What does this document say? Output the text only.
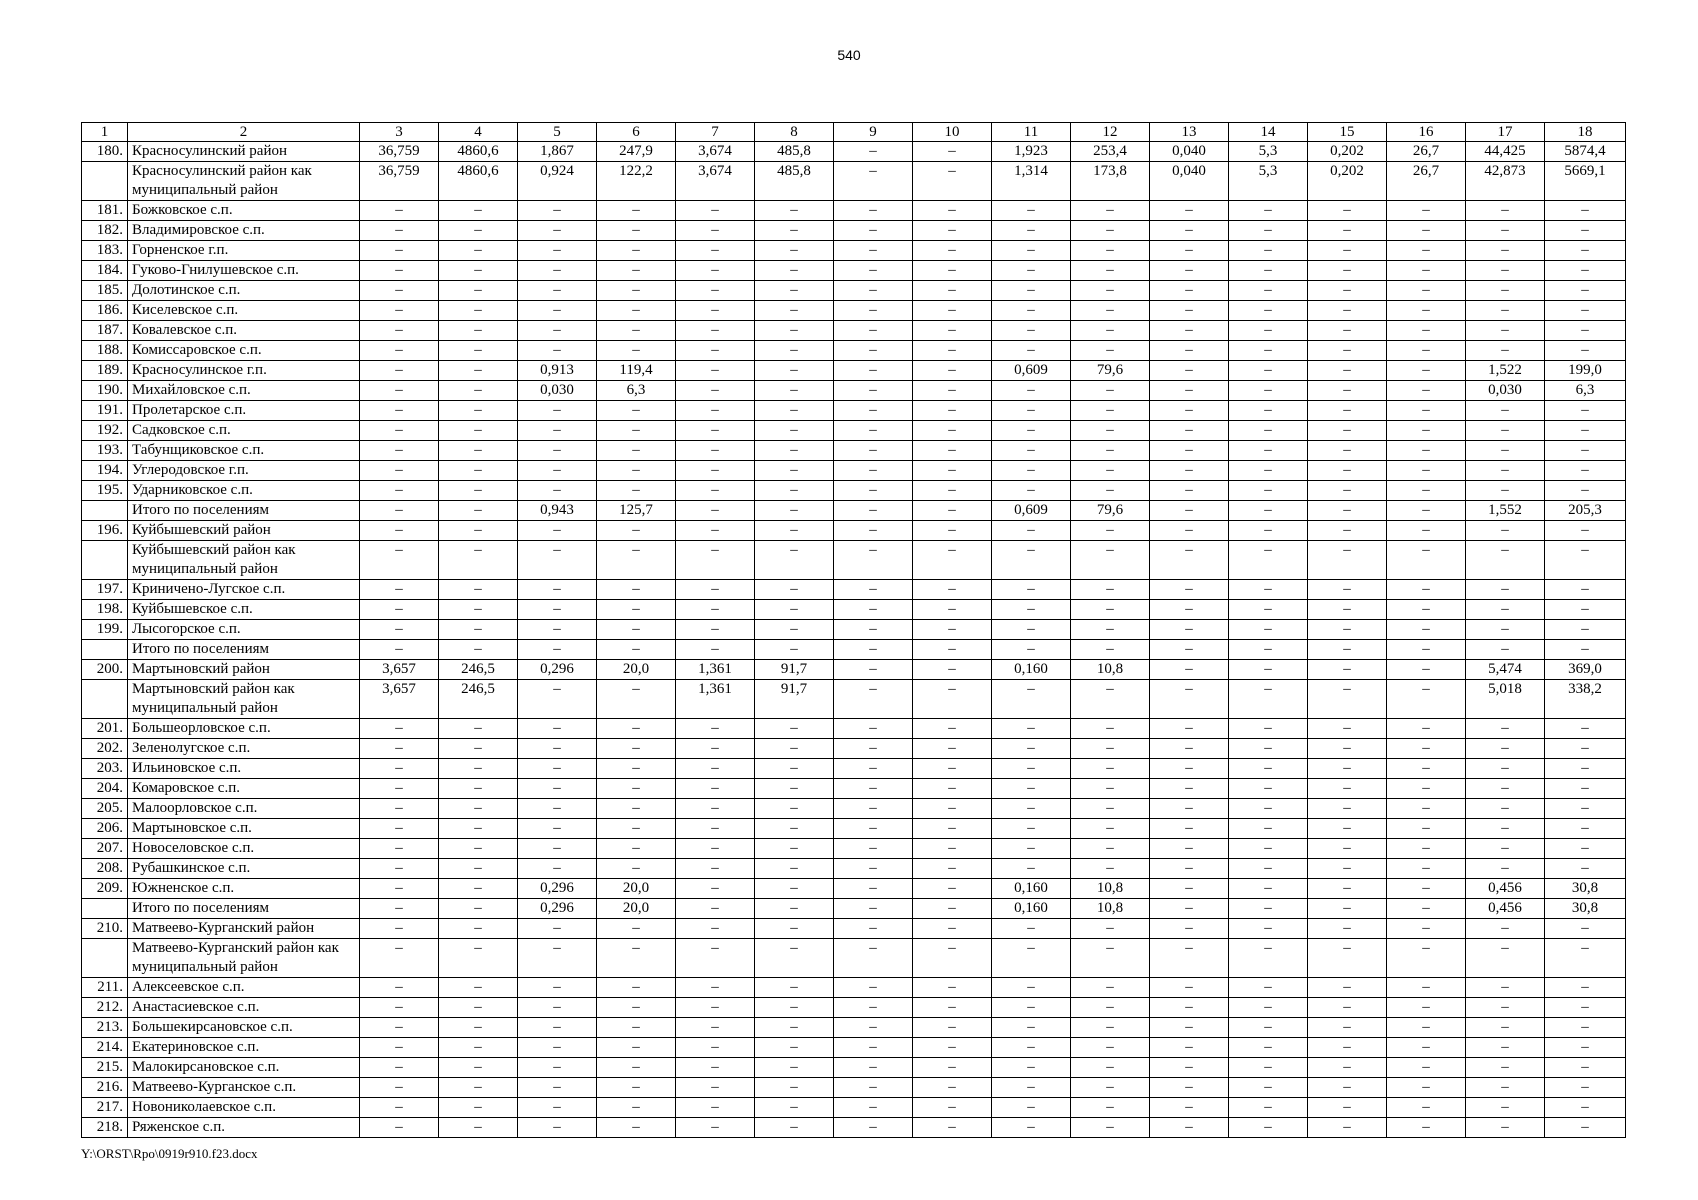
540
1	2	3	4	5	6	7	8	9	10	11	12	13	14	15	16	17	18
180.	Красносулинский район	36,759	4860,6	1,867	247,9	3,674	485,8	–	–	1,923	253,4	0,040	5,3	0,202	26,7	44,425	5874,4
	Красносулинский район как муниципальный район	36,759	4860,6	0,924	122,2	3,674	485,8	–	–	1,314	173,8	0,040	5,3	0,202	26,7	42,873	5669,1
181.	Божковское с.п.	–	–	–	–	–	–	–	–	–	–	–	–	–	–	–	–
182.	Владимировское с.п.	–	–	–	–	–	–	–	–	–	–	–	–	–	–	–	–
183.	Горненское г.п.	–	–	–	–	–	–	–	–	–	–	–	–	–	–	–	–
184.	Гуково-Гнилушевское с.п.	–	–	–	–	–	–	–	–	–	–	–	–	–	–	–	–
185.	Долотинское с.п.	–	–	–	–	–	–	–	–	–	–	–	–	–	–	–	–
186.	Киселевское с.п.	–	–	–	–	–	–	–	–	–	–	–	–	–	–	–	–
187.	Ковалевское с.п.	–	–	–	–	–	–	–	–	–	–	–	–	–	–	–	–
188.	Комиссаровское с.п.	–	–	–	–	–	–	–	–	–	–	–	–	–	–	–	–
189.	Красносулинское г.п.	–	–	0,913	119,4	–	–	–	–	0,609	79,6	–	–	–	–	1,522	199,0
190.	Михайловское с.п.	–	–	0,030	6,3	–	–	–	–	–	–	–	–	–	–	0,030	6,3
191.	Пролетарское с.п.	–	–	–	–	–	–	–	–	–	–	–	–	–	–	–	–
192.	Садковское с.п.	–	–	–	–	–	–	–	–	–	–	–	–	–	–	–	–
193.	Табунщиковское с.п.	–	–	–	–	–	–	–	–	–	–	–	–	–	–	–	–
194.	Углеродовское г.п.	–	–	–	–	–	–	–	–	–	–	–	–	–	–	–	–
195.	Ударниковское с.п.	–	–	–	–	–	–	–	–	–	–	–	–	–	–	–	–
	Итого по поселениям	–	–	0,943	125,7	–	–	–	–	0,609	79,6	–	–	–	–	1,552	205,3
196.	Куйбышевский район	–	–	–	–	–	–	–	–	–	–	–	–	–	–	–	–
	Куйбышевский район как муниципальный район	–	–	–	–	–	–	–	–	–	–	–	–	–	–	–	–
197.	Криничено-Лугское с.п.	–	–	–	–	–	–	–	–	–	–	–	–	–	–	–	–
198.	Куйбышевское с.п.	–	–	–	–	–	–	–	–	–	–	–	–	–	–	–	–
199.	Лысогорское с.п.	–	–	–	–	–	–	–	–	–	–	–	–	–	–	–	–
	Итого по поселениям	–	–	–	–	–	–	–	–	–	–	–	–	–	–	–	–
200.	Мартыновский район	3,657	246,5	0,296	20,0	1,361	91,7	–	–	0,160	10,8	–	–	–	–	5,474	369,0
	Мартыновский район как муниципальный район	3,657	246,5	–	–	1,361	91,7	–	–	–	–	–	–	–	–	5,018	338,2
201.	Большеорловское с.п.	–	–	–	–	–	–	–	–	–	–	–	–	–	–	–	–
202.	Зеленолугское с.п.	–	–	–	–	–	–	–	–	–	–	–	–	–	–	–	–
203.	Ильиновское с.п.	–	–	–	–	–	–	–	–	–	–	–	–	–	–	–	–
204.	Комаровское с.п.	–	–	–	–	–	–	–	–	–	–	–	–	–	–	–	–
205.	Малоорловское с.п.	–	–	–	–	–	–	–	–	–	–	–	–	–	–	–	–
206.	Мартыновское с.п.	–	–	–	–	–	–	–	–	–	–	–	–	–	–	–	–
207.	Новоселовское с.п.	–	–	–	–	–	–	–	–	–	–	–	–	–	–	–	–
208.	Рубашкинское с.п.	–	–	–	–	–	–	–	–	–	–	–	–	–	–	–	–
209.	Южненское с.п.	–	–	0,296	20,0	–	–	–	–	0,160	10,8	–	–	–	–	0,456	30,8
	Итого по поселениям	–	–	0,296	20,0	–	–	–	–	0,160	10,8	–	–	–	–	0,456	30,8
210.	Матвеево-Курганский район	–	–	–	–	–	–	–	–	–	–	–	–	–	–	–	–
	Матвеево-Курганский район как муниципальный район	–	–	–	–	–	–	–	–	–	–	–	–	–	–	–	–
211.	Алексеевское с.п.	–	–	–	–	–	–	–	–	–	–	–	–	–	–	–	–
212.	Анастасиевское с.п.	–	–	–	–	–	–	–	–	–	–	–	–	–	–	–	–
213.	Большекирсановское с.п.	–	–	–	–	–	–	–	–	–	–	–	–	–	–	–	–
214.	Екатериновское с.п.	–	–	–	–	–	–	–	–	–	–	–	–	–	–	–	–
215.	Малокирсановское с.п.	–	–	–	–	–	–	–	–	–	–	–	–	–	–	–	–
216.	Матвеево-Курганское с.п.	–	–	–	–	–	–	–	–	–	–	–	–	–	–	–	–
217.	Новониколаевское с.п.	–	–	–	–	–	–	–	–	–	–	–	–	–	–	–	–
218.	Ряженское с.п.	–	–	–	–	–	–	–	–	–	–	–	–	–	–	–	–
Y:\ORST\Rpo\0919r910.f23.docx
